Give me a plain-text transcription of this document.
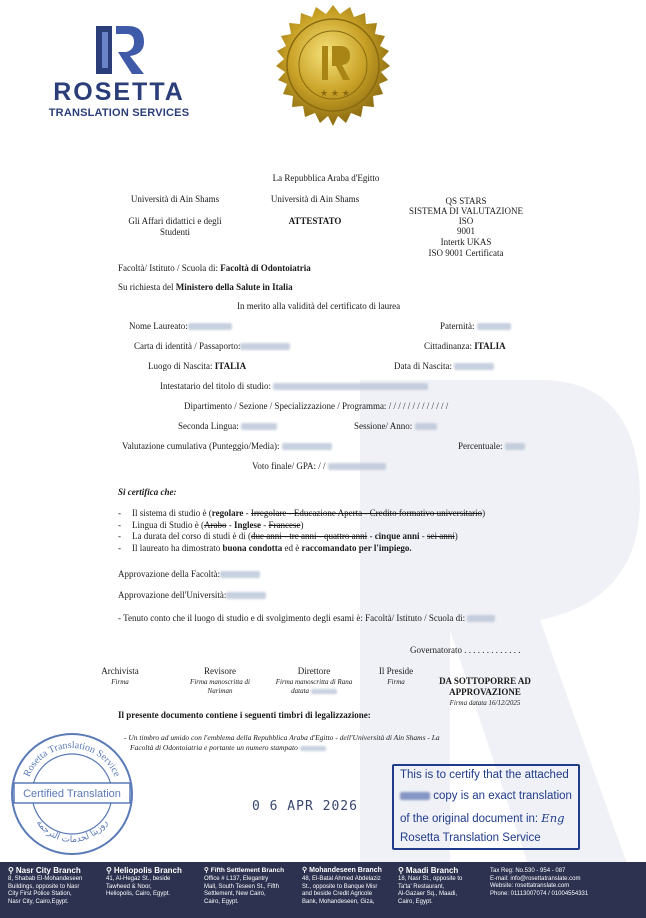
ROSETTA
TRANSLATION SERVICES
★ ★ ★
La Repubblica Araba d'Egitto
Università di Ain Shams
Gli Affari didattici e degli
Studenti
Università di Ain Shams
ATTESTATO
QS STARS
SISTEMA DI VALUTAZIONE
ISO
9001
Intertk UKAS
ISO 9001 Certificata
Facoltà/ Istituto / Scuola di: Facoltà di Odontoiatria
Su richiesta del Ministero della Salute in Italia
In merito alla validità del certificato di laurea
Nome Laureato:	Paternità:
Carta di identità / Passaporto:	Cittadinanza: ITALIA
Luogo di Nascita: ITALIA	Data di Nascita:
Intestatario del titolo di studio:
Dipartimento / Sezione / Specializzazione / Programma: / / / / / / / / / / / / /
Seconda Lingua:	Sessione/ Anno:
Valutazione cumulativa (Punteggio/Media):	Percentuale:
Voto finale/ GPA: / /
Si certifica che:
-	Il sistema di studio è (regolare - Irregolare - Educazione Aperta - Credito formativo universitario)
-	Lingua di Studio è (Arabo - Inglese - Francese)
-	La durata del corso di studi è di (due anni - tre anni - quattro anni - cinque anni - sei anni)
-	Il laureato ha dimostrato buona condotta ed è raccomandato per l'impiego.
Approvazione della Facoltà:
Approvazione dell'Università:
- Tenuto conto che il luogo di studio e di svolgimento degli esami è: Facoltà/ Istituto / Scuola di:
Governatorato . . . . . . . . . . . . .
Archivista
Firma
Revisore
Firma manoscritta di
Nariman
Direttore
Firma manoscritta di Rana
datata
Il Preside
Firma	DA SOTTOPORRE AD
APPROVAZIONE
Firma datata 16/12/2025
Il presente documento contiene i seguenti timbri di legalizzazione:
- Un timbro ad umido con l'emblema della Repubblica Araba d'Egitto - dell'Università di Ain Shams - La
Facoltà di Odontoiatria e portante un numero stampato
Rosetta Translation Service
Certified Translation
روزيتا لخدمات الترجمة
0 6 APR 2026
This is to certify that the attached
copy is an exact translation
of the original document in: Eng
Rosetta Translation Service
⚲ Nasr City Branch
8, Shabab El-Mohandeseen
Buildings, opposite to Nasr
City First Police Station,
Nasr City, Cairo,Egypt.
⚲ Heliopolis Branch
41, Al-Hegaz St., beside
Tawheed & Noor,
Heliopolis, Cairo, Egypt.
⚲ Fifth Settlement Branch
Office # L137, Elegantry
Mall, South Teseen St., Fifth
Settlement, New Cairo,
Cairo, Egypt.
⚲ Mohandeseen Branch
48, El-Batal Ahmed Abdelaziz
St., opposite to Banque Misr
and beside Credit Agricole
Bank, Mohandeseen, Giza,
⚲ Maadi Branch
18, Nasr St., opposite to
Ta'ta' Restaurant,
Al-Gazaer Sq., Maadi,
Cairo, Egypt.
Tax Reg: No.530 - 954 - 087
E-mail: info@rosettatranslate.com
Website: rosettatranslate.com
Phone: 01113007074 / 01004554331
